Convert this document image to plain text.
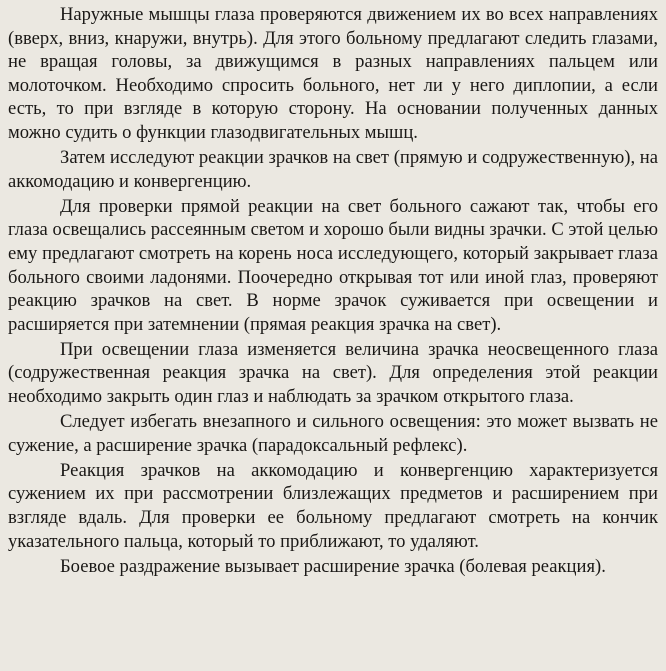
Наружные мышцы глаза проверяются движением их во всех направлениях (вверх, вниз, кнаружи, внутрь). Для этого больному предлагают следить глазами, не вращая головы, за движущимся в разных направлениях пальцем или молоточком. Необходимо спросить больного, нет ли у него диплопии, а если есть, то при взгляде в которую сторону. На основании полученных данных можно судить о функции глазодвигательных мышц.

Затем исследуют реакции зрачков на свет (прямую и содружественную), на аккомодацию и конвергенцию.

Для проверки прямой реакции на свет больного сажают так, чтобы его глаза освещались рассеянным светом и хорошо были видны зрачки. С этой целью ему предлагают смотреть на корень носа исследующего, который закрывает глаза больного своими ладонями. Поочередно открывая тот или иной глаз, проверяют реакцию зрачков на свет. В норме зрачок суживается при освещении и расширяется при затемнении (прямая реакция зрачка на свет).

При освещении глаза изменяется величина зрачка неосвещенного глаза (содружественная реакция зрачка на свет). Для определения этой реакции необходимо закрыть один глаз и наблюдать за зрачком открытого глаза.

Следует избегать внезапного и сильного освещения: это может вызвать не сужение, а расширение зрачка (парадоксальный рефлекс).

Реакция зрачков на аккомодацию и конвергенцию характеризуется сужением их при рассмотрении близлежащих предметов и расширением при взгляде вдаль. Для проверки ее больному предлагают смотреть на кончик указательного пальца, который то приближают, то удаляют.

Боевое раздражение вызывает расширение зрачка (болевая реакция).
